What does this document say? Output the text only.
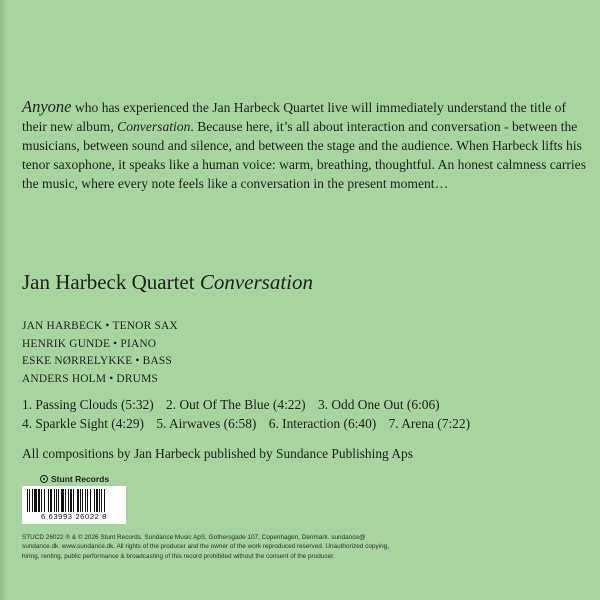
Anyone who has experienced the Jan Harbeck Quartet live will immediately understand the title of their new album, Conversation. Because here, it’s all about interaction and conversation - between the musicians, between sound and silence, and between the stage and the audience. When Harbeck lifts his tenor saxophone, it speaks like a human voice: warm, breathing, thoughtful. An honest calmness carries the music, where every note feels like a conversation in the present moment…

Jan Harbeck Quartet Conversation
JAN HARBECK • TENOR SAX
HENRIK GUNDE • PIANO
ESKE NØRRELYKKE • BASS
ANDERS HOLM • DRUMS
1. Passing Clouds (5:32) 2. Out Of The Blue (4:22) 3. Odd One Out (6:06)
4. Sparkle Sight (4:29) 5. Airwaves (6:58) 6. Interaction (6:40) 7. Arena (7:22)
All compositions by Jan Harbeck published by Sundance Publishing Aps
Stunt Records
6 63993 26022 8

STUCD 26022 ℗ & © 2026 Stunt Records. Sundance Music ApS, Gothersgade 107, Copenhagen, Denmark. sundance@
sundance.dk. www.sundance.dk. All rights of the producer and the owner of the work reproduced reserved. Unauthorized copying,
hiring, renting, public performance & broadcasting of this record prohibited without the consent of the producer.
